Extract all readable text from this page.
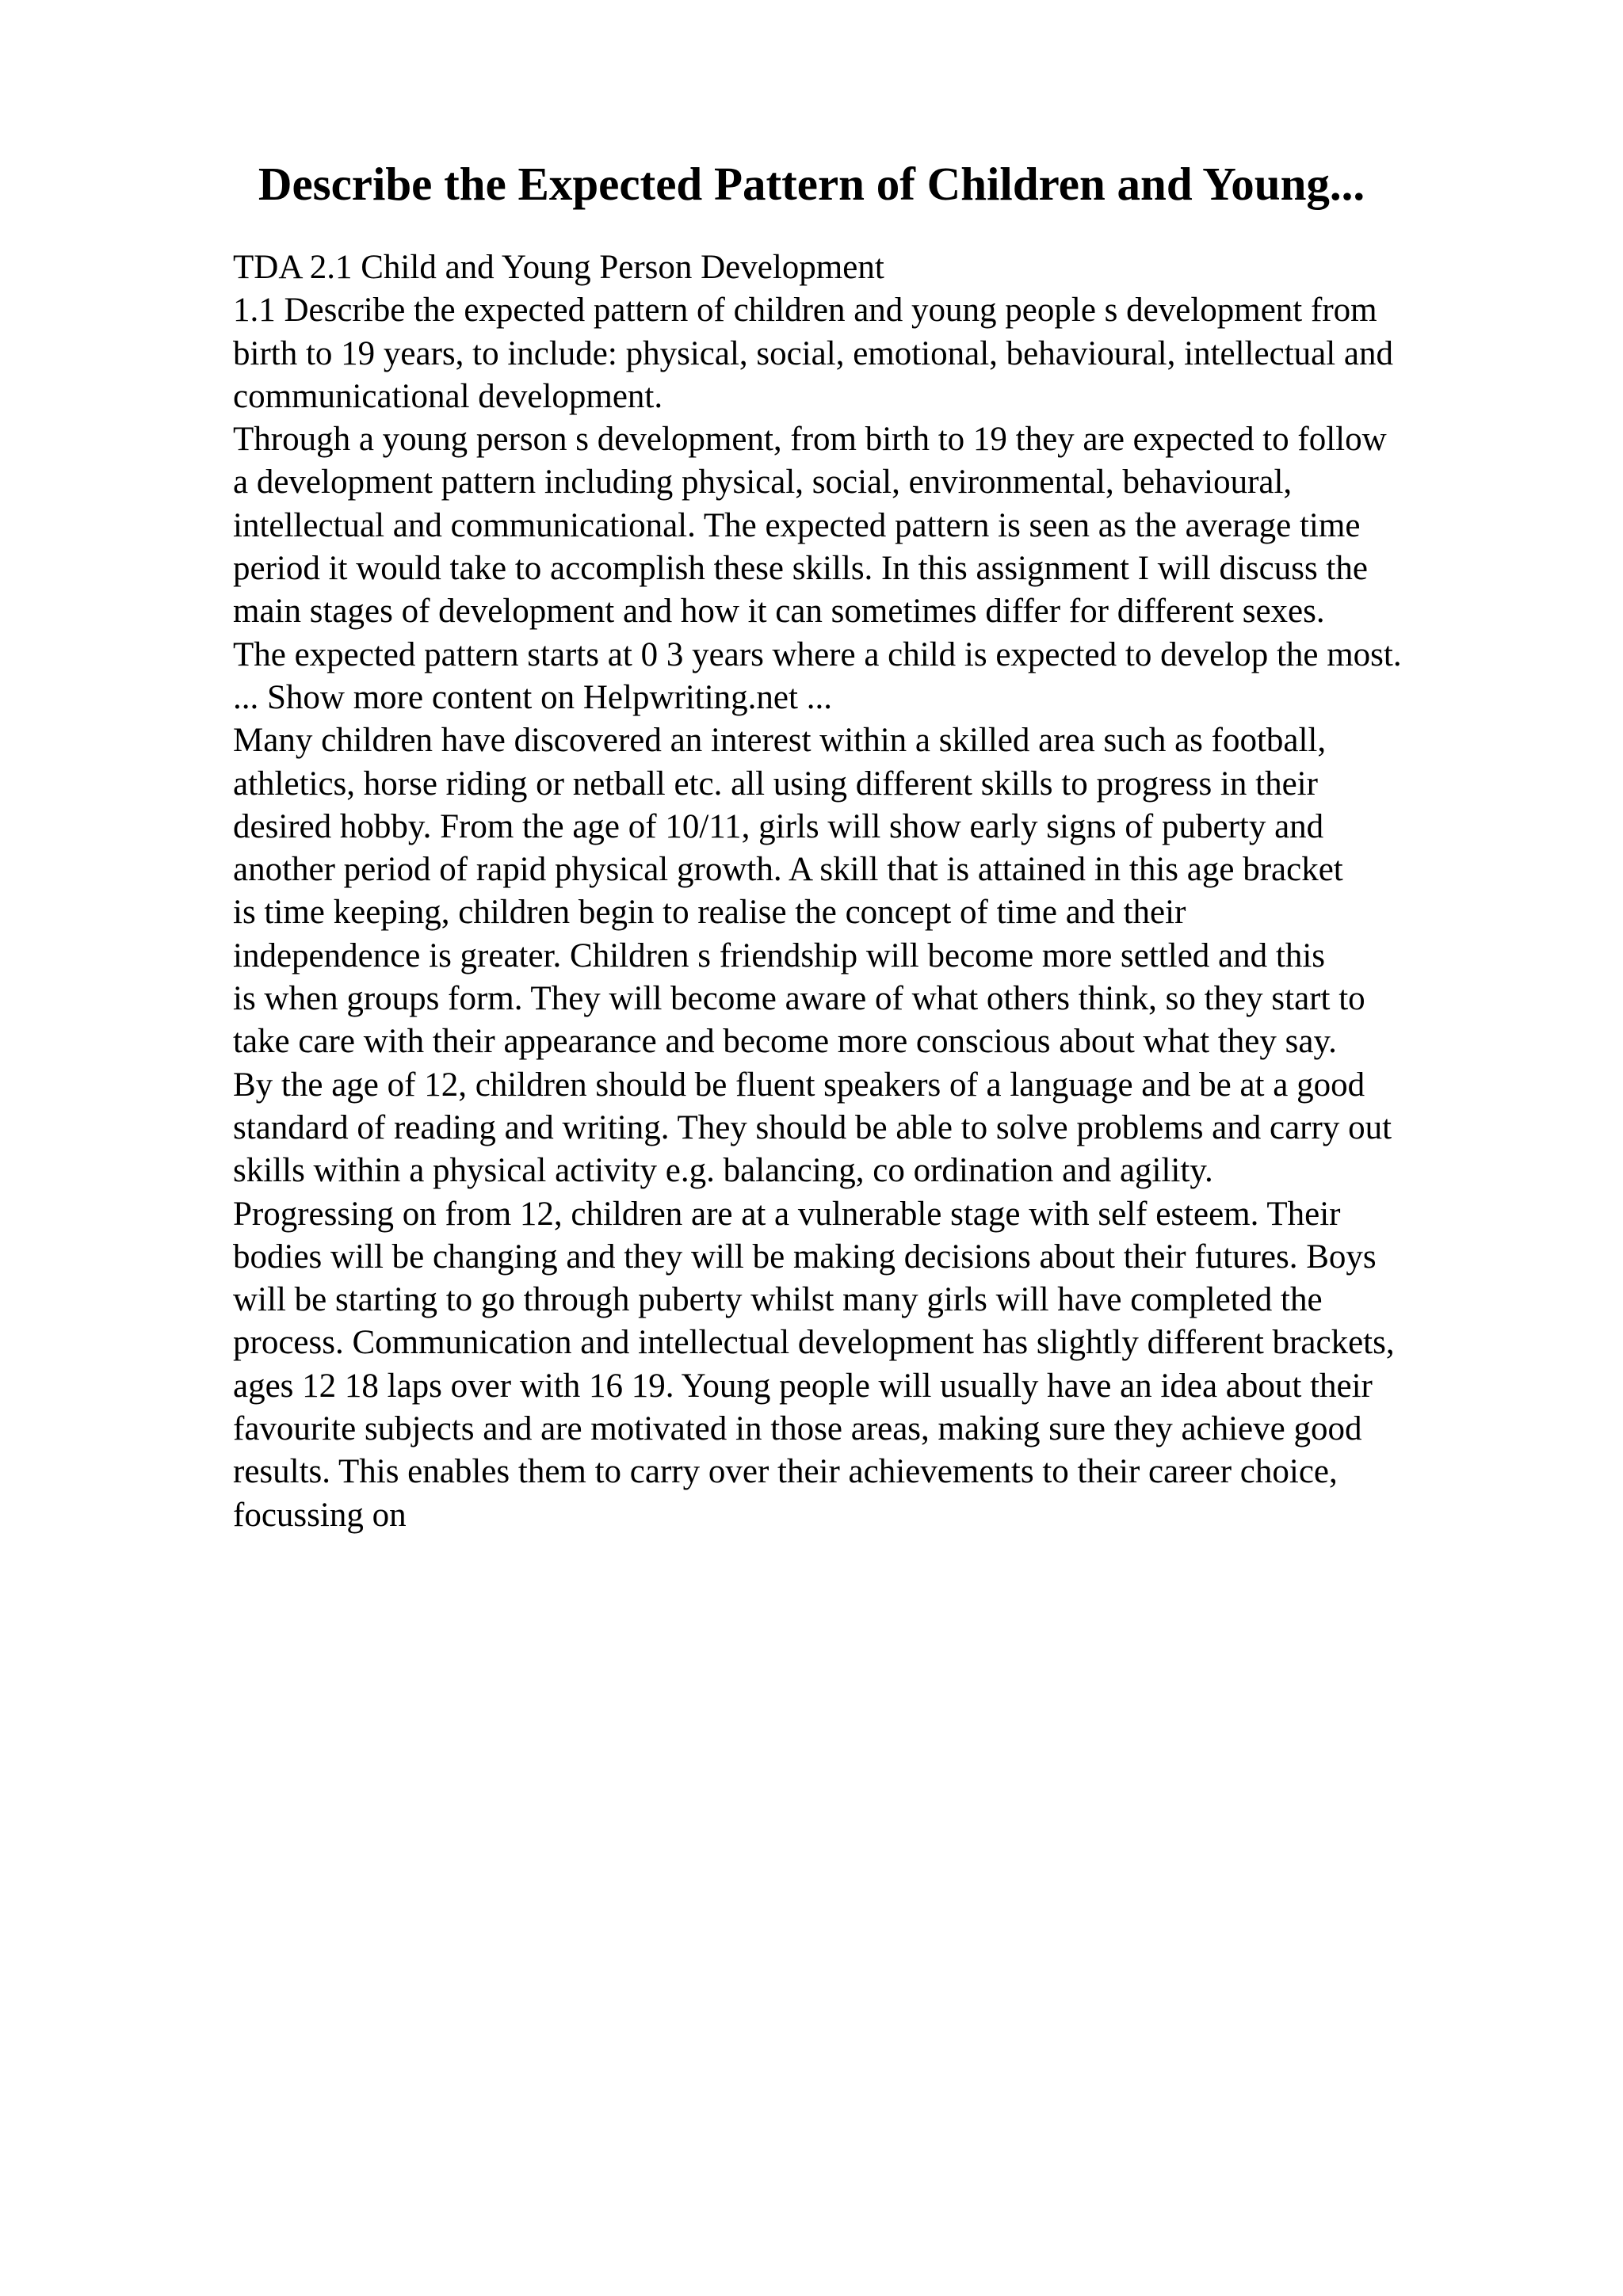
Describe the Expected Pattern of Children and Young...
TDA 2.1 Child and Young Person Development
1.1 Describe the expected pattern of children and young people s development from
birth to 19 years, to include: physical, social, emotional, behavioural, intellectual and
communicational development.
Through a young person s development, from birth to 19 they are expected to follow
a development pattern including physical, social, environmental, behavioural,
intellectual and communicational. The expected pattern is seen as the average time
period it would take to accomplish these skills. In this assignment I will discuss the
main stages of development and how it can sometimes differ for different sexes.
The expected pattern starts at 0 3 years where a child is expected to develop the most.
... Show more content on Helpwriting.net ...
Many children have discovered an interest within a skilled area such as football,
athletics, horse riding or netball etc. all using different skills to progress in their
desired hobby. From the age of 10/11, girls will show early signs of puberty and
another period of rapid physical growth. A skill that is attained in this age bracket
is time keeping, children begin to realise the concept of time and their
independence is greater. Children s friendship will become more settled and this
is when groups form. They will become aware of what others think, so they start to
take care with their appearance and become more conscious about what they say.
By the age of 12, children should be fluent speakers of a language and be at a good
standard of reading and writing. They should be able to solve problems and carry out
skills within a physical activity e.g. balancing, co ordination and agility.
Progressing on from 12, children are at a vulnerable stage with self esteem. Their
bodies will be changing and they will be making decisions about their futures. Boys
will be starting to go through puberty whilst many girls will have completed the
process. Communication and intellectual development has slightly different brackets,
ages 12 18 laps over with 16 19. Young people will usually have an idea about their
favourite subjects and are motivated in those areas, making sure they achieve good
results. This enables them to carry over their achievements to their career choice,
focussing on
